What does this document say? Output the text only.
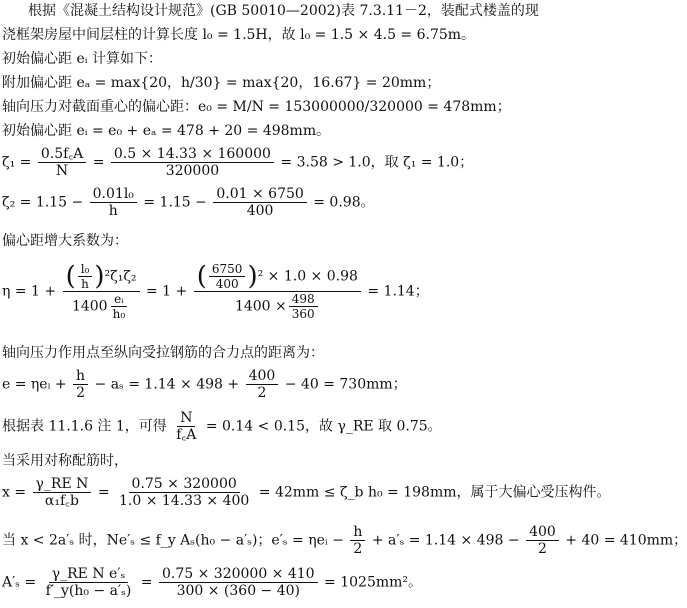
根据《混凝土结构设计规范》(GB 50010—2002)表 7.3.11－2，装配式楼盖的现
浇框架房屋中间层柱的计算长度 l₀ = 1.5H，故 l₀ = 1.5 × 4.5 = 6.75m。
初始偏心距 eᵢ 计算如下：
附加偏心距 eₐ = max{20，h/30} = max{20，16.67} = 20mm；
轴向压力对截面重心的偏心距：e₀ = M/N = 153000000/320000 = 478mm；
初始偏心距 eᵢ = e₀ + eₐ = 478 + 20 = 498mm。
$\zeta_1 = \frac{0.5f꜀A}{N} = \frac{0.5 \times 14.33 \times 160000}{320000} = 3.58 > 1.0$，取 ζ₁ = 1.0；
$\zeta_2 = 1.15 - \frac{\text{0.01l₀}}{h} = 1.15 - \frac{0.01 \times 6750}{400} = 0.98$。
偏心距增大系数为：
$\eta = 1 + \frac{( \frac{\text{l₀}}{h} )^2\zeta_1\zeta_2}{1400 \frac{\text{eᵢ}}{\text{h₀}}} = 1 + \frac{( \frac{6750}{400} )^2 \times 1.0 \times 0.98}{1400 \times \frac{498}{360}} = 1.14$；
轴向压力作用点至纵向受拉钢筋的合力点的距离为：
e = ηeᵢ + $\frac{h}{2} - a_s = 1.14 \times 498 + \frac{400}{2} - 40 = 730mm$；
根据表 11.1.6 注 1，可得 $\frac{N}{f꜀A} = 0.14 < 0.15$，故 γ_RE 取 0.75。
当采用对称配筋时，
$x = \frac{\text{γ\_RE N}}{\text{α₁f꜀b}} = \frac{0.75 \times 320000}{1.0 \times 14.33 \times 400} = 42mm$ ≤ ζ_b h₀ = 198mm，属于大偏心受压构件。
当 x < 2a′ₛ 时，Ne′ₛ ≤ f_y Aₛ(h₀ − a′ₛ)；e′ₛ = ηeᵢ − $\frac{h}{2} + a'_s = 1.14 \times 498 - \frac{400}{2} + 40 = 410mm$；
$A'_s = \frac{\text{γ\_RE N e′ₛ}}{\text{f′\_y(h₀ − a′ₛ)}} = \frac{0.75 \times 320000 \times 410}{300 \times (360 - 40)} = 1025mm^2$。
